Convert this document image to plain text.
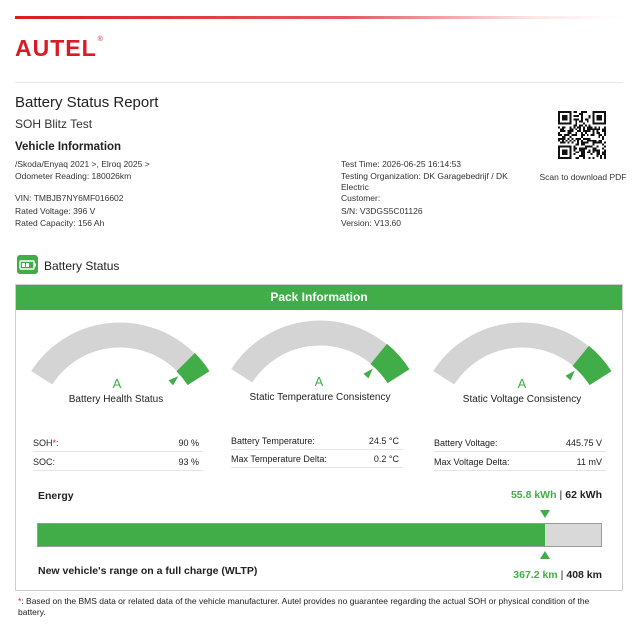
AUTEL ®
Battery Status Report
SOH Blitz Test
Vehicle Information
/Skoda/Enyaq 2021 >, Elroq 2025 >
Odometer Reading: 180026km
VIN: TMBJB7NY6MF016602
Rated Voltage: 396 V
Rated Capacity: 156 Ah
Test Time: 2026-06-25 16:14:53
Testing Organization: DK Garagebedrijf / DK Electric
Customer:
S/N: V3DGS5C01126
Version: V13.60
Scan to download PDF
Battery Status
Pack Information
A
Battery Health Status
A
Static Temperature Consistency
A
Static Voltage Consistency
SOH*:	90 %
SOC:	93 %
Battery Temperature:	24.5 °C
Max Temperature Delta:	0.2 °C
Battery Voltage:	445.75 V
Max Voltage Delta:	11 mV
Energy	55.8 kWh | 62 kWh
New vehicle's range on a full charge (WLTP)	367.2 km | 408 km
*: Based on the BMS data or related data of the vehicle manufacturer. Autel provides no guarantee regarding the actual SOH or physical condition of the battery.
